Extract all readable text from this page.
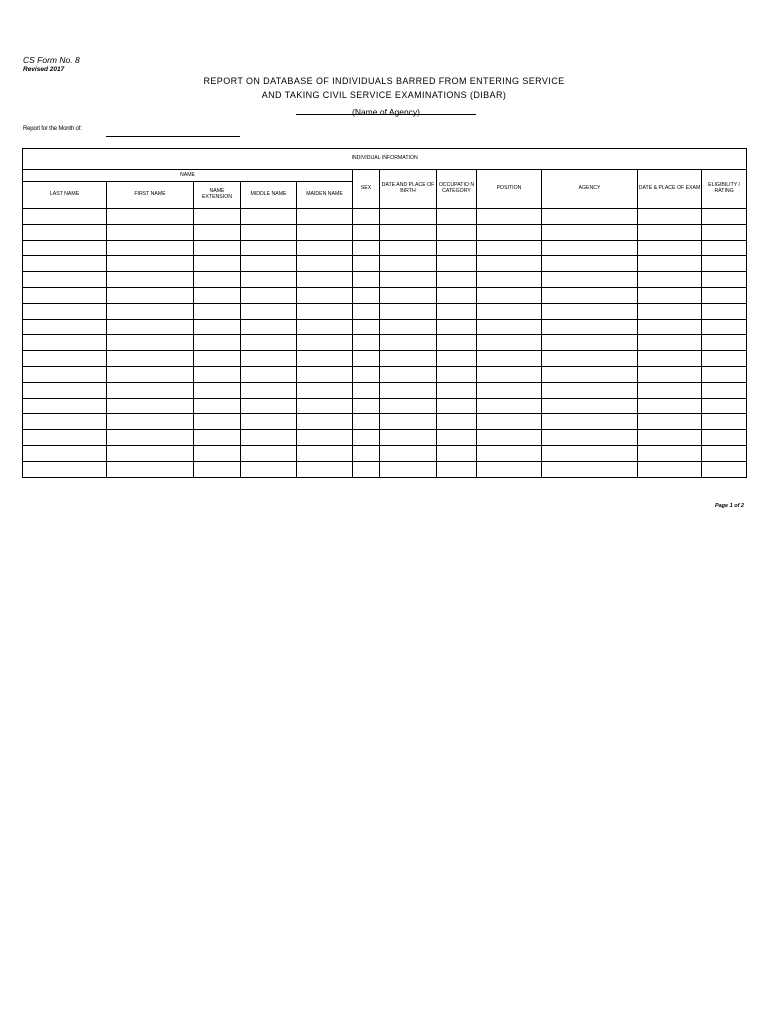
CS Form No. 8
Revised 2017
REPORT ON DATABASE OF INDIVIDUALS BARRED FROM ENTERING SERVICE
AND TAKING CIVIL SERVICE EXAMINATIONS (DIBAR)
(Name of Agency)
Report for the Month of:
INDIVIDUAL INFORMATION											
NAME					SEX	DATE AND PLACE OF BIRTH	OCCUPATIO N CATEGORY	POSITION	AGENCY	DATE & PLACE OF EXAM	ELIGIBILITY / RATING
LAST NAME	FIRST NAME	NAME EXTENSION	MIDDLE NAME	MAIDEN NAME							

Page 1 of 2
